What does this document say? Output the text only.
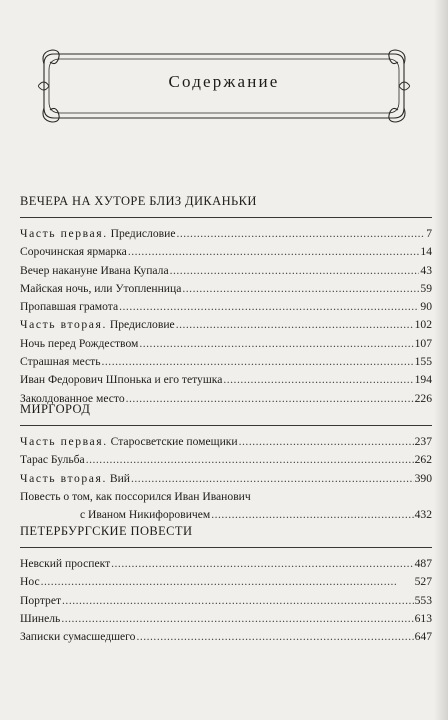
Содержание
ВЕЧЕРА НА ХУТОРЕ БЛИЗ ДИКАНЬКИ
Часть первая. Предисловие . . .	7
Сорочинская ярмарка . . .	14
Вечер накануне Ивана Купала . . .	43
Майская ночь, или Утопленница . . .	59
Пропавшая грамота . . .	90
Часть вторая. Предисловие . . .	102
Ночь перед Рождеством . . .	107
Страшная месть . . .	155
Иван Федорович Шпонька и его тетушка . . .	194
Заколдованное место . . .	226
МИРГОРОД
Часть первая. Старосветские помещики . . .	237
Тарас Бульба . . .	262
Часть вторая. Вий . . .	390
Повесть о том, как поссорился Иван Иванович
с Иваном Никифоровичем . . .	432
ПЕТЕРБУРГСКИЕ ПОВЕСТИ
Невский проспект . . .	487
Нос . . .	527
Портрет . . .	553
Шинель . . .	613
Записки сумасшедшего . . .	647
